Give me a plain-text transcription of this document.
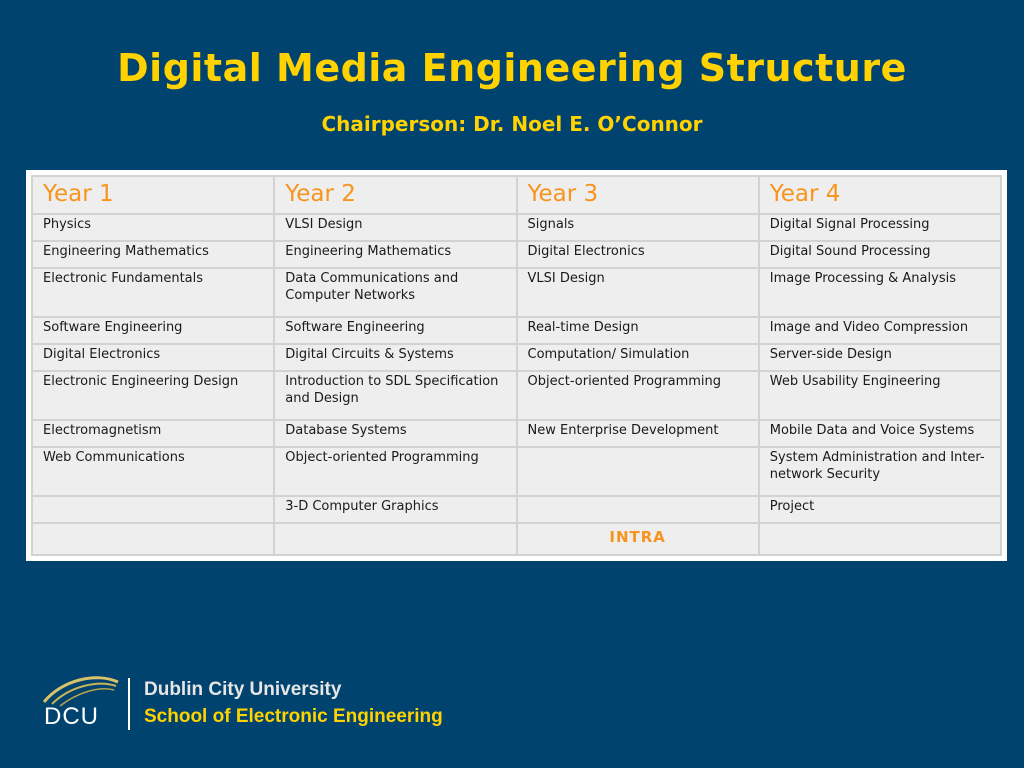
Digital Media Engineering Structure
Chairperson: Dr. Noel E. O’Connor
Year 1	Year 2	Year 3	Year 4
Physics	VLSI Design	Signals	Digital Signal Processing
Engineering Mathematics	Engineering Mathematics	Digital Electronics	Digital Sound Processing
Electronic Fundamentals	Data Communications and Computer Networks	VLSI Design	Image Processing & Analysis
Software Engineering	Software Engineering	Real-time Design	Image and Video Compression
Digital Electronics	Digital Circuits & Systems	Computation/ Simulation	Server-side Design
Electronic Engineering Design	Introduction to SDL Specification and Design	Object-oriented Programming	Web Usability Engineering
Electromagnetism	Database Systems	New Enterprise Development	Mobile Data and Voice Systems
Web Communications	Object-oriented Programming		System Administration and Inter-network Security
	3-D Computer Graphics		Project
		INTRA	
DCU
Dublin City University
School of Electronic Engineering
